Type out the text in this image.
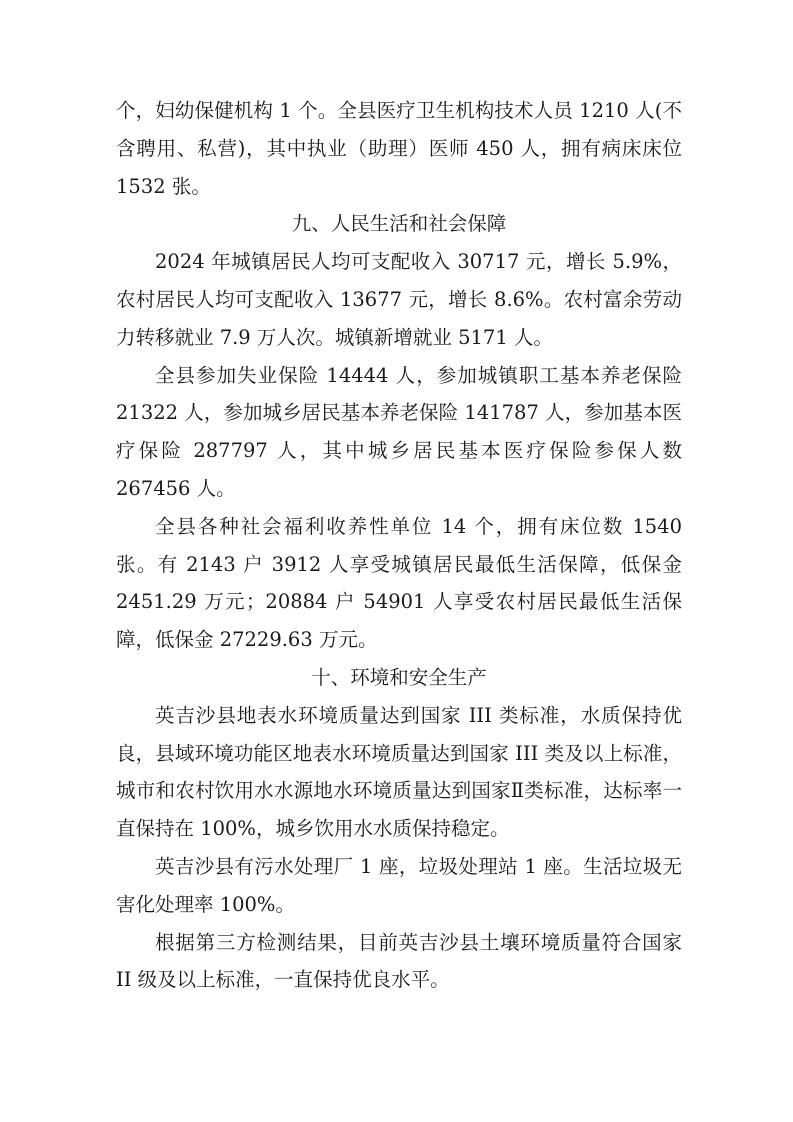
个，妇幼保健机构 1 个。全县医疗卫生机构技术人员 1210 人(不含聘用、私营)，其中执业（助理）医师 450 人，拥有病床床位 1532 张。

九、人民生活和社会保障

2024 年城镇居民人均可支配收入 30717 元，增长 5.9%，农村居民人均可支配收入 13677 元，增长 8.6%。农村富余劳动力转移就业 7.9 万人次。城镇新增就业 5171 人。

全县参加失业保险 14444 人，参加城镇职工基本养老保险 21322 人，参加城乡居民基本养老保险 141787 人，参加基本医疗保险 287797 人，其中城乡居民基本医疗保险参保人数 267456 人。

全县各种社会福利收养性单位 14 个，拥有床位数 1540 张。有 2143 户 3912 人享受城镇居民最低生活保障，低保金 2451.29 万元；20884 户 54901 人享受农村居民最低生活保障，低保金 27229.63 万元。

十、环境和安全生产

英吉沙县地表水环境质量达到国家 III 类标准，水质保持优良，县域环境功能区地表水环境质量达到国家 III 类及以上标准，城市和农村饮用水水源地水环境质量达到国家Ⅱ类标准，达标率一直保持在 100%，城乡饮用水水质保持稳定。

英吉沙县有污水处理厂 1 座，垃圾处理站 1 座。生活垃圾无害化处理率 100%。

根据第三方检测结果，目前英吉沙县土壤环境质量符合国家 II 级及以上标准，一直保持优良水平。
